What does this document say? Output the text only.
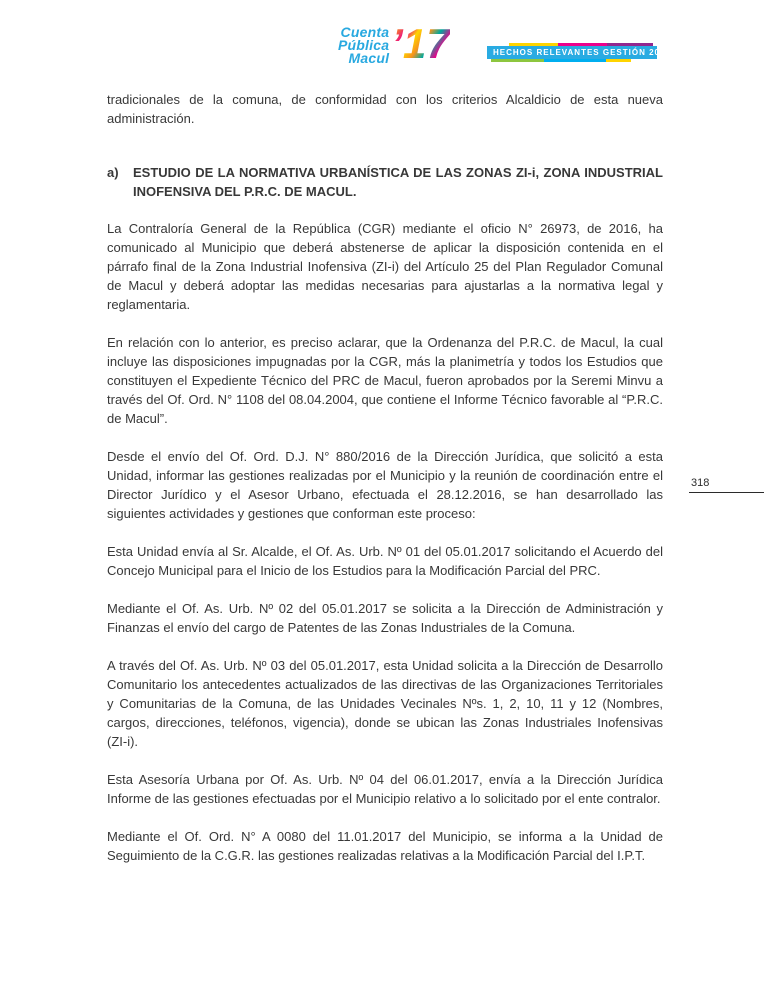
Cuenta
Pública
Macul ’17	HECHOS RELEVANTES GESTIÓN 2017
318

tradicionales de la comuna, de conformidad con los criterios Alcaldicio de esta nueva administración.

a)	ESTUDIO DE LA NORMATIVA URBANÍSTICA DE LAS ZONAS ZI-i, ZONA INDUSTRIAL INOFENSIVA DEL P.R.C. DE MACUL.

La Contraloría General de la República (CGR) mediante el oficio N° 26973, de 2016, ha comunicado al Municipio que deberá abstenerse de aplicar la disposición contenida en el párrafo final de la Zona Industrial Inofensiva (ZI-i) del Artículo 25 del Plan Regulador Comunal de Macul y deberá adoptar las medidas necesarias para ajustarlas a la normativa legal y reglamentaria.

En relación con lo anterior, es preciso aclarar, que la Ordenanza del P.R.C. de Macul, la cual incluye las disposiciones impugnadas por la CGR, más la planimetría y todos los Estudios que constituyen el Expediente Técnico del PRC de Macul, fueron aprobados por la Seremi Minvu a través del Of. Ord. N° 1108 del 08.04.2004, que contiene el Informe Técnico favorable al “P.R.C. de Macul”.

Desde el envío del Of. Ord. D.J. N° 880/2016 de la Dirección Jurídica, que solicitó a esta Unidad, informar las gestiones realizadas por el Municipio y la reunión de coordinación entre el Director Jurídico y el Asesor Urbano, efectuada el 28.12.2016, se han desarrollado las siguientes actividades y gestiones que conforman este proceso:

Esta Unidad envía al Sr. Alcalde, el Of. As. Urb. Nº 01 del 05.01.2017 solicitando el Acuerdo del Concejo Municipal para el Inicio de los Estudios para la Modificación Parcial del PRC.

Mediante el Of. As. Urb. Nº 02 del 05.01.2017 se solicita a la Dirección de Administración y Finanzas el envío del cargo de Patentes de las Zonas Industriales de la Comuna.

A través del Of. As. Urb. Nº 03 del 05.01.2017, esta Unidad solicita a la Dirección de Desarrollo Comunitario los antecedentes actualizados de las directivas de las Organizaciones Territoriales y Comunitarias de la Comuna, de las Unidades Vecinales Nºs. 1, 2, 10, 11 y 12 (Nombres, cargos, direcciones, teléfonos, vigencia), donde se ubican las Zonas Industriales Inofensivas (ZI-i).

Esta Asesoría Urbana por Of. As. Urb. Nº 04 del 06.01.2017, envía a la Dirección Jurídica Informe de las gestiones efectuadas por el Municipio relativo a lo solicitado por el ente contralor.

Mediante el Of. Ord. N° A 0080 del 11.01.2017 del Municipio, se informa a la Unidad de Seguimiento de la C.G.R. las gestiones realizadas relativas a la Modificación Parcial del I.P.T.
